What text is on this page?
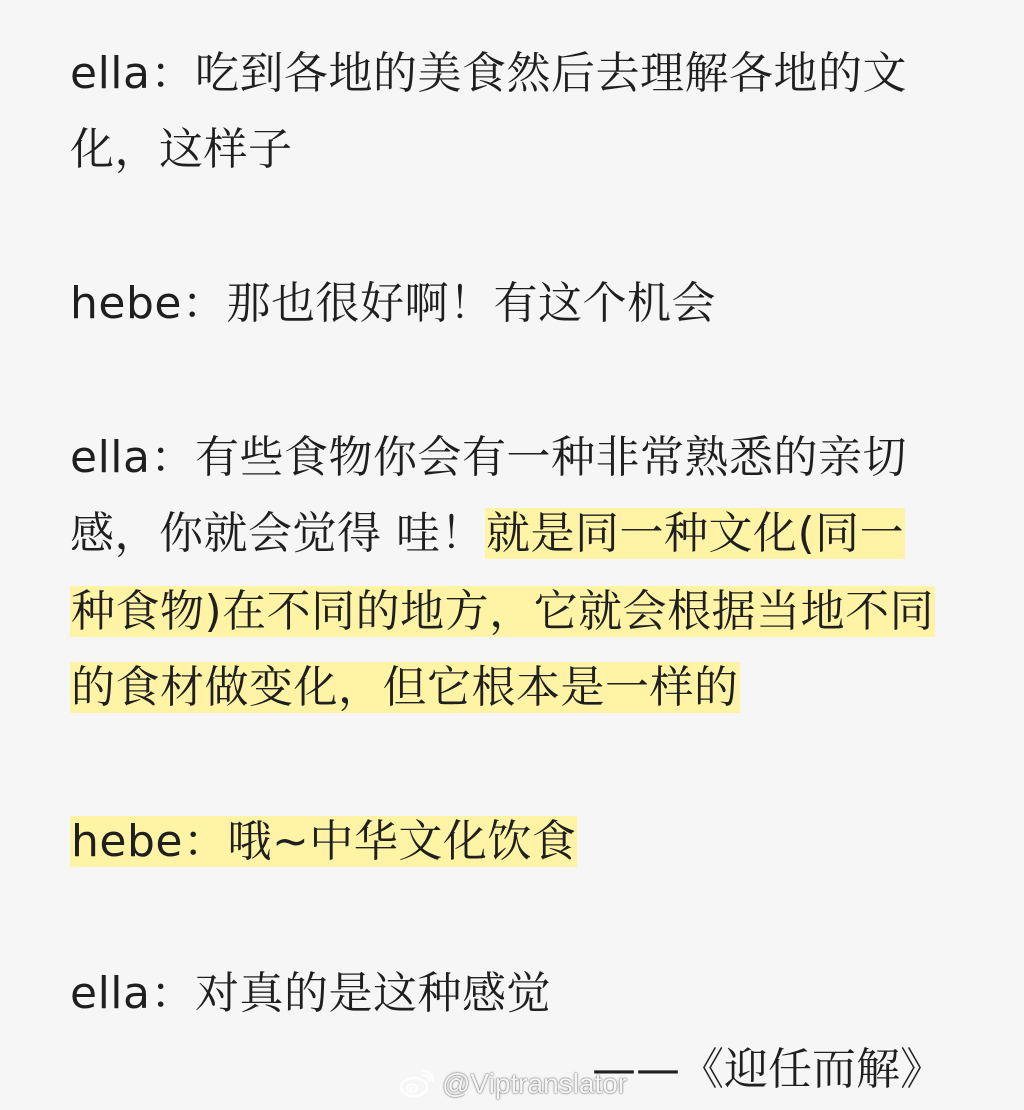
ella：吃到各地的美食然后去理解各地的文
化，这样子
hebe：那也很好啊！有这个机会
ella：有些食物你会有一种非常熟悉的亲切
感，你就会觉得 哇！就是同一种文化(同一
种食物)在不同的地方，它就会根据当地不同
的食材做变化，但它根本是一样的
hebe：哦~中华文化饮食
ella：对真的是这种感觉
——《迎任而解》
@Viptranslator
